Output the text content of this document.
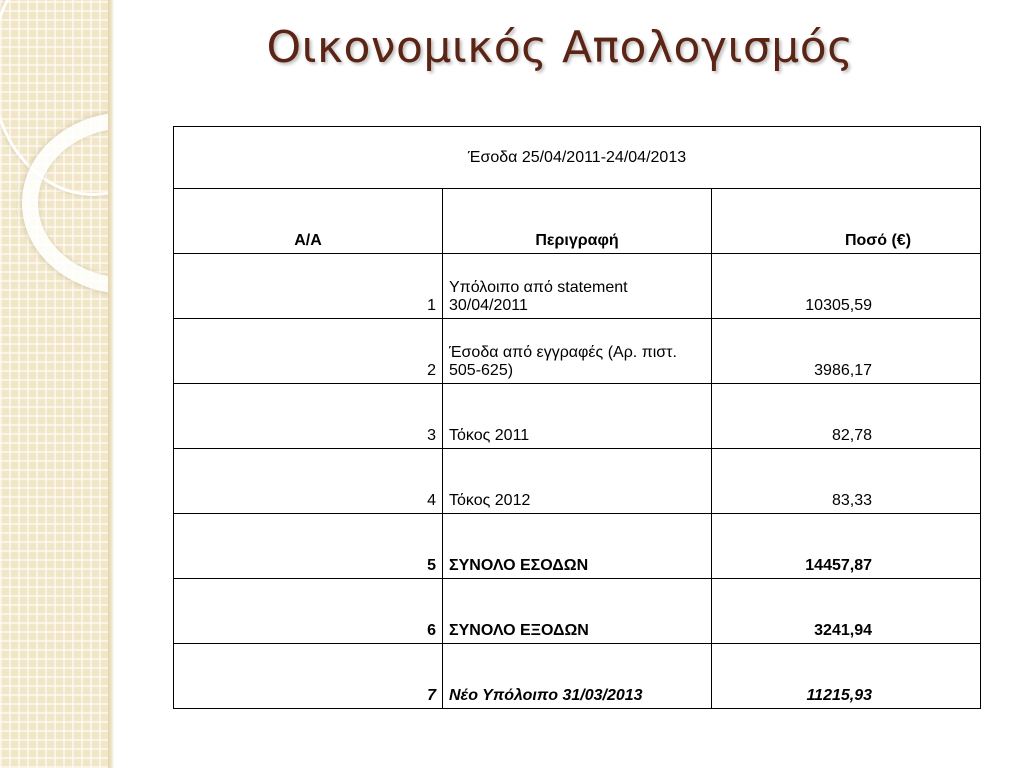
Οικονομικός Απολογισμός
Έσοδα 25/04/2011-24/04/2013		
Α/Α	Περιγραφή	Ποσό (€)
1	Υπόλοιπο από statement 30/04/2011	10305,59
2	Έσοδα από εγγραφές (Αρ. πιστ. 505-625)	3986,17
3	Τόκος 2011	82,78
4	Τόκος 2012	83,33
5	ΣΥΝΟΛΟ ΕΣΟΔΩΝ	14457,87
6	ΣΥΝΟΛΟ ΕΞΟΔΩΝ	3241,94
7	Νέο Υπόλοιπο 31/03/2013	11215,93
